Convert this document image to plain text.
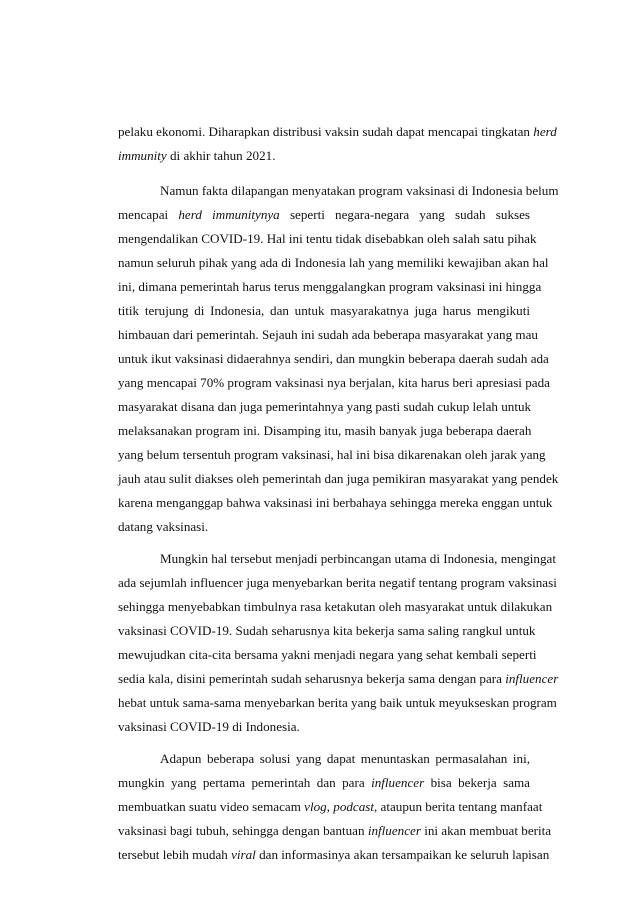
pelaku ekonomi. Diharapkan distribusi vaksin sudah dapat mencapai tingkatan herd
immunity di akhir tahun 2021.
Namun fakta dilapangan menyatakan program vaksinasi di Indonesia belum
mencapai herd immunitynya seperti negara-negara yang sudah sukses
mengendalikan COVID-19. Hal ini tentu tidak disebabkan oleh salah satu pihak
namun seluruh pihak yang ada di Indonesia lah yang memiliki kewajiban akan hal
ini, dimana pemerintah harus terus menggalangkan program vaksinasi ini hingga
titik terujung di Indonesia, dan untuk masyarakatnya juga harus mengikuti
himbauan dari pemerintah. Sejauh ini sudah ada beberapa masyarakat yang mau
untuk ikut vaksinasi didaerahnya sendiri, dan mungkin beberapa daerah sudah ada
yang mencapai 70% program vaksinasi nya berjalan, kita harus beri apresiasi pada
masyarakat disana dan juga pemerintahnya yang pasti sudah cukup lelah untuk
melaksanakan program ini. Disamping itu, masih banyak juga beberapa daerah
yang belum tersentuh program vaksinasi, hal ini bisa dikarenakan oleh jarak yang
jauh atau sulit diakses oleh pemerintah dan juga pemikiran masyarakat yang pendek
karena menganggap bahwa vaksinasi ini berbahaya sehingga mereka enggan untuk
datang vaksinasi.
Mungkin hal tersebut menjadi perbincangan utama di Indonesia, mengingat
ada sejumlah influencer juga menyebarkan berita negatif tentang program vaksinasi
sehingga menyebabkan timbulnya rasa ketakutan oleh masyarakat untuk dilakukan
vaksinasi COVID-19. Sudah seharusnya kita bekerja sama saling rangkul untuk
mewujudkan cita-cita bersama yakni menjadi negara yang sehat kembali seperti
sedia kala, disini pemerintah sudah seharusnya bekerja sama dengan para influencer
hebat untuk sama-sama menyebarkan berita yang baik untuk meyukseskan program
vaksinasi COVID-19 di Indonesia.
Adapun beberapa solusi yang dapat menuntaskan permasalahan ini,
mungkin yang pertama pemerintah dan para influencer bisa bekerja sama
membuatkan suatu video semacam vlog, podcast, ataupun berita tentang manfaat
vaksinasi bagi tubuh, sehingga dengan bantuan influencer ini akan membuat berita
tersebut lebih mudah viral dan informasinya akan tersampaikan ke seluruh lapisan
